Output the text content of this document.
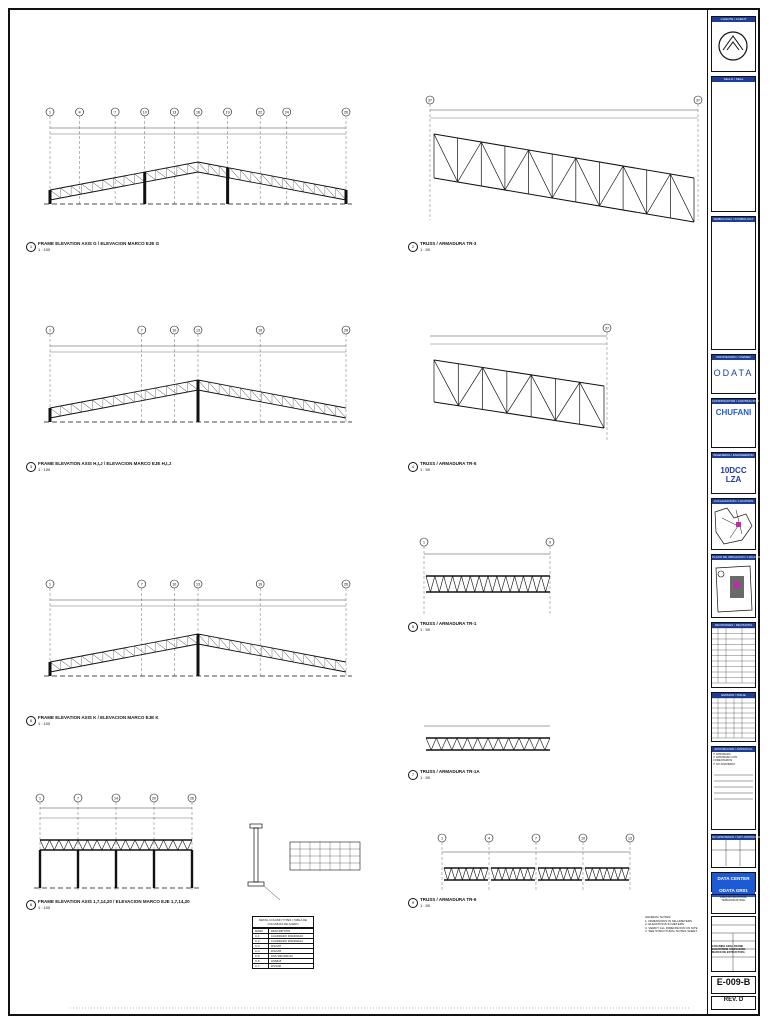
1	4	7	10	13	16	19	22	24	26
1	7	10	13	19	26
1	7	10	13	19	26
37	37
37
1	9
1	4	7	10	13
1	7	14	20	26
1
FRAME ELEVATION AXIS G / ELEVACION MARCO EJE G
1 : 100
2
TRUSS / ARMADURA TR-3
1 : 50
3
FRAME ELEVATION AXIS H,I,J / ELEVACION MARCO EJE H,I,J
1 : 100
4
TRUSS / ARMADURA TR-5
1 : 50
5
TRUSS / ARMADURA TR-1
1 : 50
6
FRAME ELEVATION AXIS K / ELEVACION MARCO EJE K
1 : 100
7
TRUSS / ARMADURA TR-1A
1 : 50
8
FRAME ELEVATION AXIS 1,7,14,20 / ELEVACION MARCO EJE 1,7,14,20
1 : 100
9
TRUSS / ARMADURA TR-6
1 : 50
DETAIL COLUMN TYPES / TABLA DE COLUMNAS DE ACERO
MARK	DESCRIPTION
C-1	CUADRADO 300x300x10
C-2	CUADRADO 300x300x12
C-3	W12x87
C-4	W12x65
C-5	HSS 300x300x10
C-6	HSS8x8
C-7	W14x90
GENERAL NOTES:
1. DIMENSIONS IN MILLIMETERS
2. ELEVATIONS IN METERS
3. VERIFY ALL DIMENSIONS ON SITE
4. SEE STRUCTURAL NOTES SHEET
CLIENTE / CLIENT
SELLO / SEAL
SIMBOLOGIA / SYMBOLOGY
PROPIETARIO / OWNER
ODATA
CONSTRUCTOR / CONTRACTOR
CHUFANI
INGENIERIA / ENGINEERING
10DCC LZA
LOCALIZACION / LOCATION
PLANO DE UBICACION / LOCATION PLAN
REVISIONES / REVISIONS
EMISION / ISSUE
APROBACION / APPROVAL
☐ APROBADO
☐ APROBADO CON COMENTARIOS
☐ NO APROBADO
NO APROBADO / NOT APPROVED
DATA CENTER ODATA GR01
PARQUE INDUSTRIAL TERRAINDUSTRIAL
COLUMNA GRAL FRAME ELEVATIONS / ELEVACION MARCO DE ESTRUCTURA
E-009-B
REV. D
